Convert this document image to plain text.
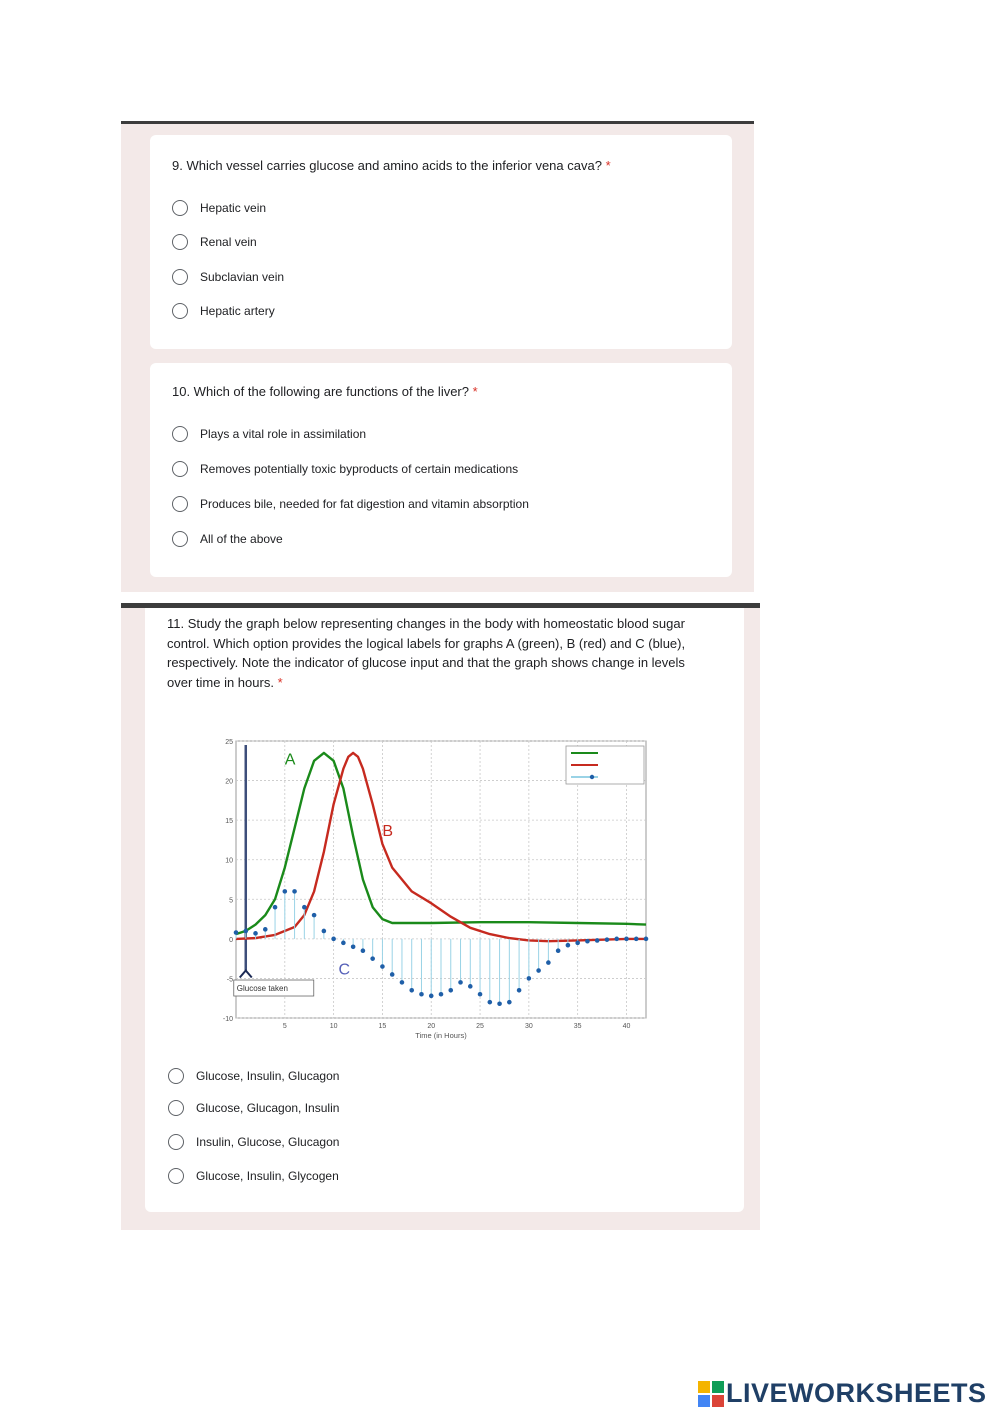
9. Which vessel carries glucose and amino acids to the inferior vena cava? *
Hepatic vein
Renal vein
Subclavian vein
Hepatic artery
10. Which of the following are functions of the liver? *
Plays a vital role in assimilation
Removes potentially toxic byproducts of certain medications
Produces bile, needed for fat digestion and vitamin absorption
All of the above
11. Study the graph below representing changes in the body with homeostatic blood sugar control. Which option provides the logical labels for graphs A (green), B (red) and C (blue), respectively. Note the indicator of glucose input and that the graph shows change in levels over time in hours. *
5	10	15	20	25	30	35	40
-10
-5
0
5
10
15
20
25
Time (in Hours)
Glucose taken
A
B
C
Glucose, Insulin, Glucagon
Glucose, Glucagon, Insulin
Insulin, Glucose, Glucagon
Glucose, Insulin, Glycogen
LIVEWORKSHEETS
